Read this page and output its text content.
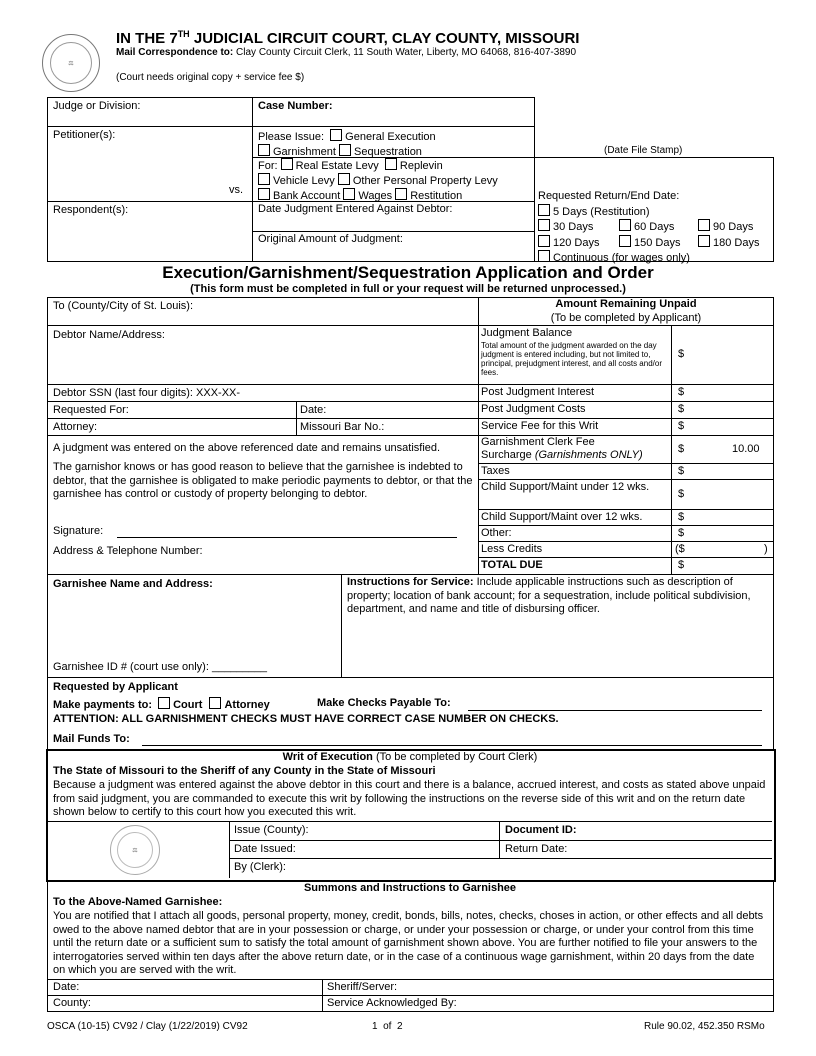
⚖
IN THE 7TH JUDICIAL CIRCUIT COURT, CLAY COUNTY, MISSOURI
Mail Correspondence to: Clay County Circuit Clerk, 11 South Water, Liberty, MO 64068, 816-407-3890
(Court needs original copy + service fee $)
Judge or Division:	Case Number:
Petitioner(s):
vs.
Respondent(s):
Please Issue: General Execution
Garnishment Sequestration
For: Real Estate Levy Replevin
Vehicle Levy Other Personal Property Levy
Bank Account Wages Restitution
Date Judgment Entered Against Debtor:
Original Amount of Judgment:
(Date File Stamp)
Requested Return/End Date:
5 Days (Restitution)
30 Days	60 Days	90 Days
120 Days	150 Days	180 Days
Continuous (for wages only)
Execution/Garnishment/Sequestration Application and Order
(This form must be completed in full or your request will be returned unprocessed.)
To (County/City of St. Louis):	Amount Remaining Unpaid
(To be completed by Applicant)
Debtor Name/Address:	Judgment Balance
Total amount of the judgment awarded on the day judgment is entered including, but not limited to, principal, prejudgment interest, and all costs and/or fees.
$
Debtor SSN (last four digits): XXX-XX-	Post Judgment Interest	$
Requested For:	Date:	Post Judgment Costs	$
Attorney:	Missouri Bar No.:	Service Fee for this Writ	$
A judgment was entered on the above referenced date and remains unsatisfied.
The garnishor knows or has good reason to believe that the garnishee is indebted to debtor, that the garnishee is obligated to make periodic payments to debtor, or that the garnishee has control or custody of property belonging to debtor.
Signature:
Address & Telephone Number:
Garnishment Clerk Fee
Surcharge (Garnishments ONLY)	$	10.00
Taxes	$
Child Support/Maint under 12 wks.
$
Child Support/Maint over 12 wks.	$
Other:	$
Less Credits	($	)
TOTAL DUE	$
Garnishee Name and Address:
Garnishee ID # (court use only): _________
Instructions for Service: Include applicable instructions such as description of property; location of bank account; for a sequestration, include political subdivision, department, and name and title of disbursing officer.
Requested by Applicant
Make payments to: Court Attorney	Make Checks Payable To:
ATTENTION: ALL GARNISHMENT CHECKS MUST HAVE CORRECT CASE NUMBER ON CHECKS.
Mail Funds To:
Writ of Execution (To be completed by Court Clerk)
The State of Missouri to the Sheriff of any County in the State of Missouri
Because a judgment was entered against the above debtor in this court and there is a balance, accrued interest, and costs as stated above unpaid from said judgment, you are commanded to execute this writ by following the instructions on the reverse side of this writ and on the return date shown below to certify to this court how you executed this writ.
⚖
Issue (County):	Document ID:
Date Issued:	Return Date:
By (Clerk):
Summons and Instructions to Garnishee
To the Above-Named Garnishee:
You are notified that I attach all goods, personal property, money, credit, bonds, bills, notes, checks, choses in action, or other effects and all debts owed to the above named debtor that are in your possession or charge, or under your possession or charge, or under your control from this time until the return date or a sufficient sum to satisfy the total amount of garnishment shown above. You are further notified to file your answers to the interrogatories served within ten days after the above return date, or in the case of a continuous wage garnishment, within 20 days from the date on which you are served with the writ.
Date:	Sheriff/Server:
County:	Service Acknowledged By:
OSCA (10-15) CV92 / Clay (1/22/2019) CV92	1  of  2	Rule 90.02, 452.350 RSMo
